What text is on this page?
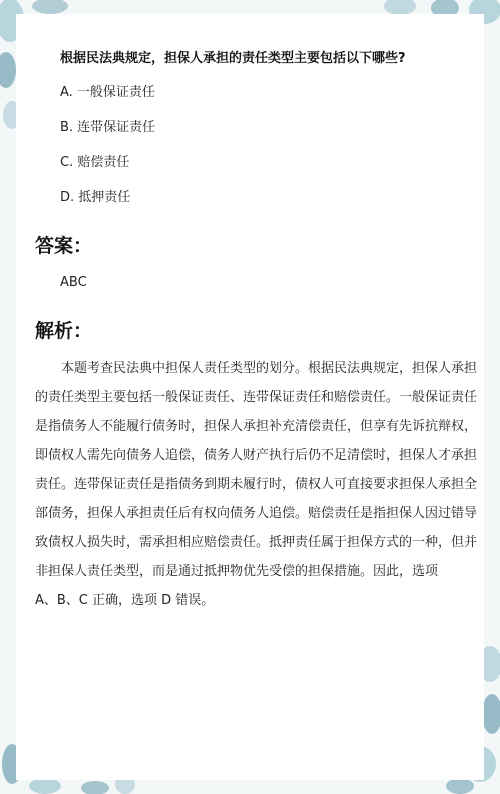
根据民法典规定，担保人承担的责任类型主要包括以下哪些?

A. 一般保证责任
B. 连带保证责任
C. 赔偿责任
D. 抵押责任
答案：

ABC

解析：
本题考查民法典中担保人责任类型的划分。根据民法典规定，担保人承担
的责任类型主要包括一般保证责任、连带保证责任和赔偿责任。一般保证责任
是指债务人不能履行债务时，担保人承担补充清偿责任，但享有先诉抗辩权，
即债权人需先向债务人追偿，债务人财产执行后仍不足清偿时，担保人才承担
责任。连带保证责任是指债务到期未履行时，债权人可直接要求担保人承担全
部债务，担保人承担责任后有权向债务人追偿。赔偿责任是指担保人因过错导
致债权人损失时，需承担相应赔偿责任。抵押责任属于担保方式的一种，但并
非担保人责任类型，而是通过抵押物优先受偿的担保措施。因此，选项
A、B、C 正确，选项 D 错误。
